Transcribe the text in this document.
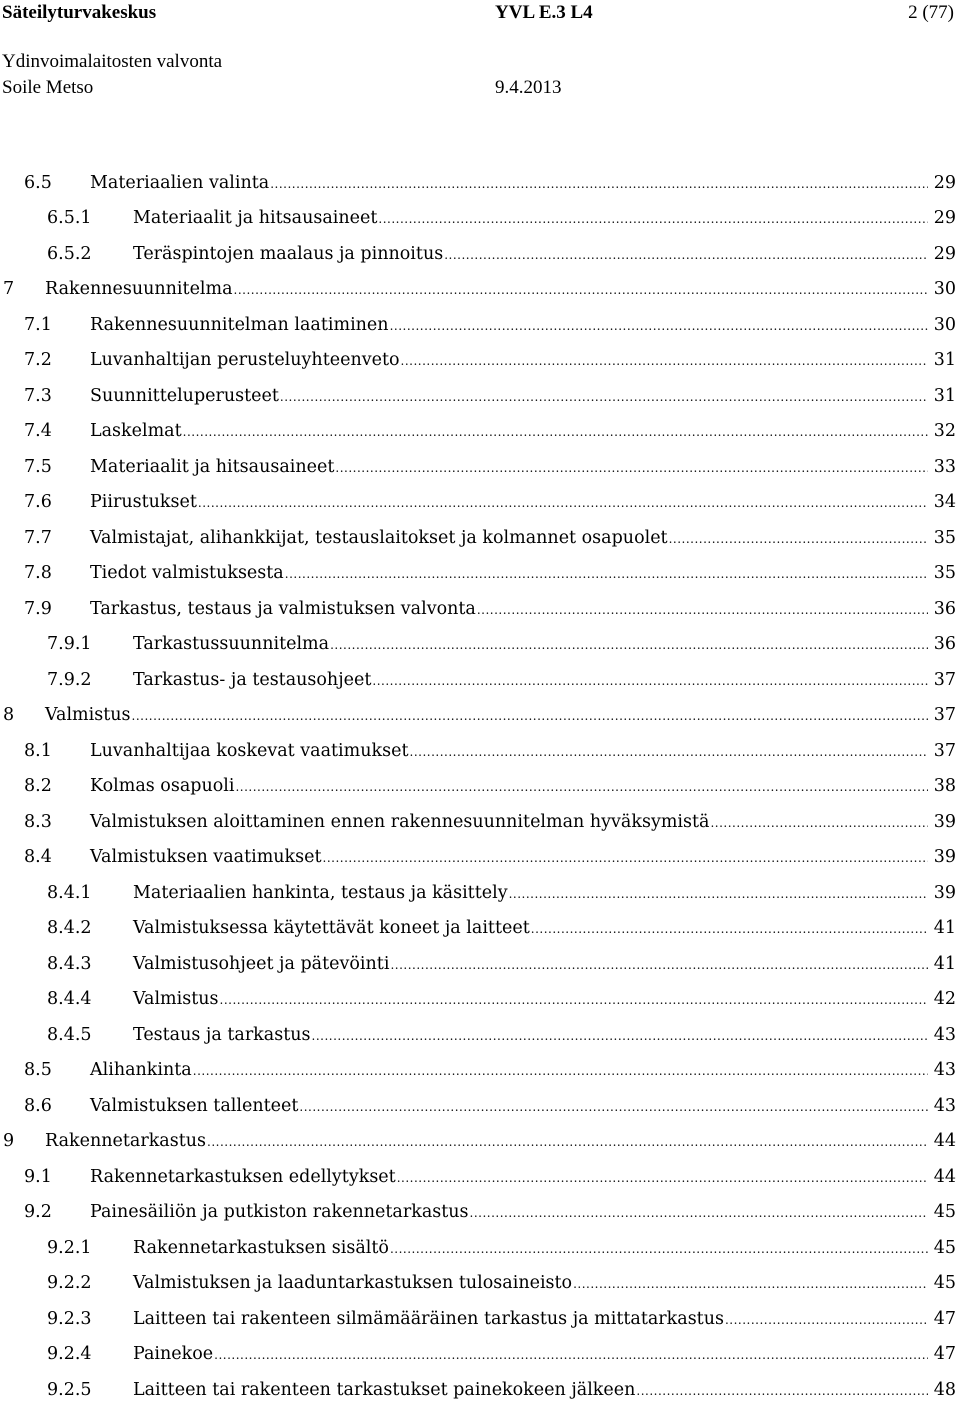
Säteilyturvakeskus	YVL E.3 L4	2 (77)
Ydinvoimalaitosten valvonta
Soile Metso	9.4.2013
6.5 Materiaalien valinta .....	29
6.5.1 Materiaalit ja hitsausaineet .....	29
6.5.2 Teräspintojen maalaus ja pinnoitus .....	29
7 Rakennesuunnitelma .....	30
7.1 Rakennesuunnitelman laatiminen .....	30
7.2 Luvanhaltijan perusteluyhteenveto .....	31
7.3 Suunnitteluperusteet .....	31
7.4 Laskelmat .....	32
7.5 Materiaalit ja hitsausaineet .....	33
7.6 Piirustukset .....	34
7.7 Valmistajat, alihankkijat, testauslaitokset ja kolmannet osapuolet .....	35
7.8 Tiedot valmistuksesta .....	35
7.9 Tarkastus, testaus ja valmistuksen valvonta .....	36
7.9.1 Tarkastussuunnitelma .....	36
7.9.2 Tarkastus- ja testausohjeet .....	37
8 Valmistus .....	37
8.1 Luvanhaltijaa koskevat vaatimukset .....	37
8.2 Kolmas osapuoli .....	38
8.3 Valmistuksen aloittaminen ennen rakennesuunnitelman hyväksymistä .....	39
8.4 Valmistuksen vaatimukset .....	39
8.4.1 Materiaalien hankinta, testaus ja käsittely .....	39
8.4.2 Valmistuksessa käytettävät koneet ja laitteet .....	41
8.4.3 Valmistusohjeet ja pätevöinti .....	41
8.4.4 Valmistus .....	42
8.4.5 Testaus ja tarkastus .....	43
8.5 Alihankinta .....	43
8.6 Valmistuksen tallenteet .....	43
9 Rakennetarkastus .....	44
9.1 Rakennetarkastuksen edellytykset .....	44
9.2 Painesäiliön ja putkiston rakennetarkastus .....	45
9.2.1 Rakennetarkastuksen sisältö .....	45
9.2.2 Valmistuksen ja laaduntarkastuksen tulosaineisto .....	45
9.2.3 Laitteen tai rakenteen silmämääräinen tarkastus ja mittatarkastus .....	47
9.2.4 Painekoe .....	47
9.2.5 Laitteen tai rakenteen tarkastukset painekokeen jälkeen .....	48
